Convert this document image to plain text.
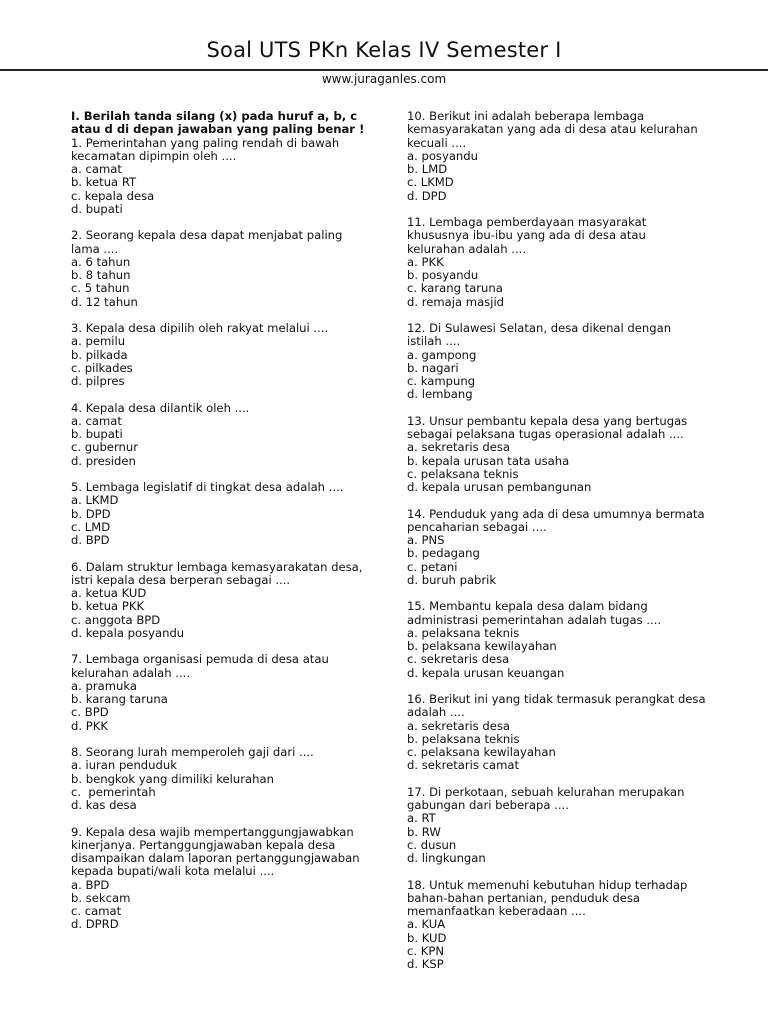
Soal UTS PKn Kelas IV Semester I
www.juraganles.com

I. Berilah tanda silang (x) pada huruf a, b, c atau d di depan jawaban yang paling benar !

1. Pemerintahan yang paling rendah di bawah kecamatan dipimpin oleh ....
a. camat
b. ketua RT
c. kepala desa
d. bupati
2. Seorang kepala desa dapat menjabat paling lama ....
a. 6 tahun
b. 8 tahun
c. 5 tahun
d. 12 tahun
3. Kepala desa dipilih oleh rakyat melalui ....
a. pemilu
b. pilkada
c. pilkades
d. pilpres
4. Kepala desa dilantik oleh ....
a. camat
b. bupati
c. gubernur
d. presiden
5. Lembaga legislatif di tingkat desa adalah ....
a. LKMD
b. DPD
c. LMD
d. BPD
6. Dalam struktur lembaga kemasyarakatan desa, istri kepala desa berperan sebagai ....
a. ketua KUD
b. ketua PKK
c. anggota BPD
d. kepala posyandu
7. Lembaga organisasi pemuda di desa atau kelurahan adalah ....
a. pramuka
b. karang taruna
c. BPD
d. PKK
8. Seorang lurah memperoleh gaji dari ....
a. iuran penduduk
b. bengkok yang dimiliki kelurahan
c.  pemerintah
d. kas desa
9. Kepala desa wajib mempertanggungjawabkan kinerjanya. Pertanggungjawaban kepala desa disampaikan dalam laporan pertanggungjawaban kepada bupati/wali kota melalui ....
a. BPD
b. sekcam
c. camat
d. DPRD
10. Berikut ini adalah beberapa lembaga kemasyarakatan yang ada di desa atau kelurahan kecuali ....
a. posyandu
b. LMD
c. LKMD
d. DPD
11. Lembaga pemberdayaan masyarakat khususnya ibu-ibu yang ada di desa atau kelurahan adalah ....
a. PKK
b. posyandu
c. karang taruna
d. remaja masjid
12. Di Sulawesi Selatan, desa dikenal dengan istilah ....
a. gampong
b. nagari
c. kampung
d. lembang
13. Unsur pembantu kepala desa yang bertugas sebagai pelaksana tugas operasional adalah ....
a. sekretaris desa
b. kepala urusan tata usaha
c. pelaksana teknis
d. kepala urusan pembangunan
14. Penduduk yang ada di desa umumnya bermata pencaharian sebagai ....
a. PNS
b. pedagang
c. petani
d. buruh pabrik
15. Membantu kepala desa dalam bidang administrasi pemerintahan adalah tugas ....
a. pelaksana teknis
b. pelaksana kewilayahan
c. sekretaris desa
d. kepala urusan keuangan
16. Berikut ini yang tidak termasuk perangkat desa adalah ....
a. sekretaris desa
b. pelaksana teknis
c. pelaksana kewilayahan
d. sekretaris camat
17. Di perkotaan, sebuah kelurahan merupakan gabungan dari beberapa ....
a. RT
b. RW
c. dusun
d. lingkungan
18. Untuk memenuhi kebutuhan hidup terhadap bahan-bahan pertanian, penduduk desa memanfaatkan keberadaan ....
a. KUA
b. KUD
c. KPN
d. KSP
